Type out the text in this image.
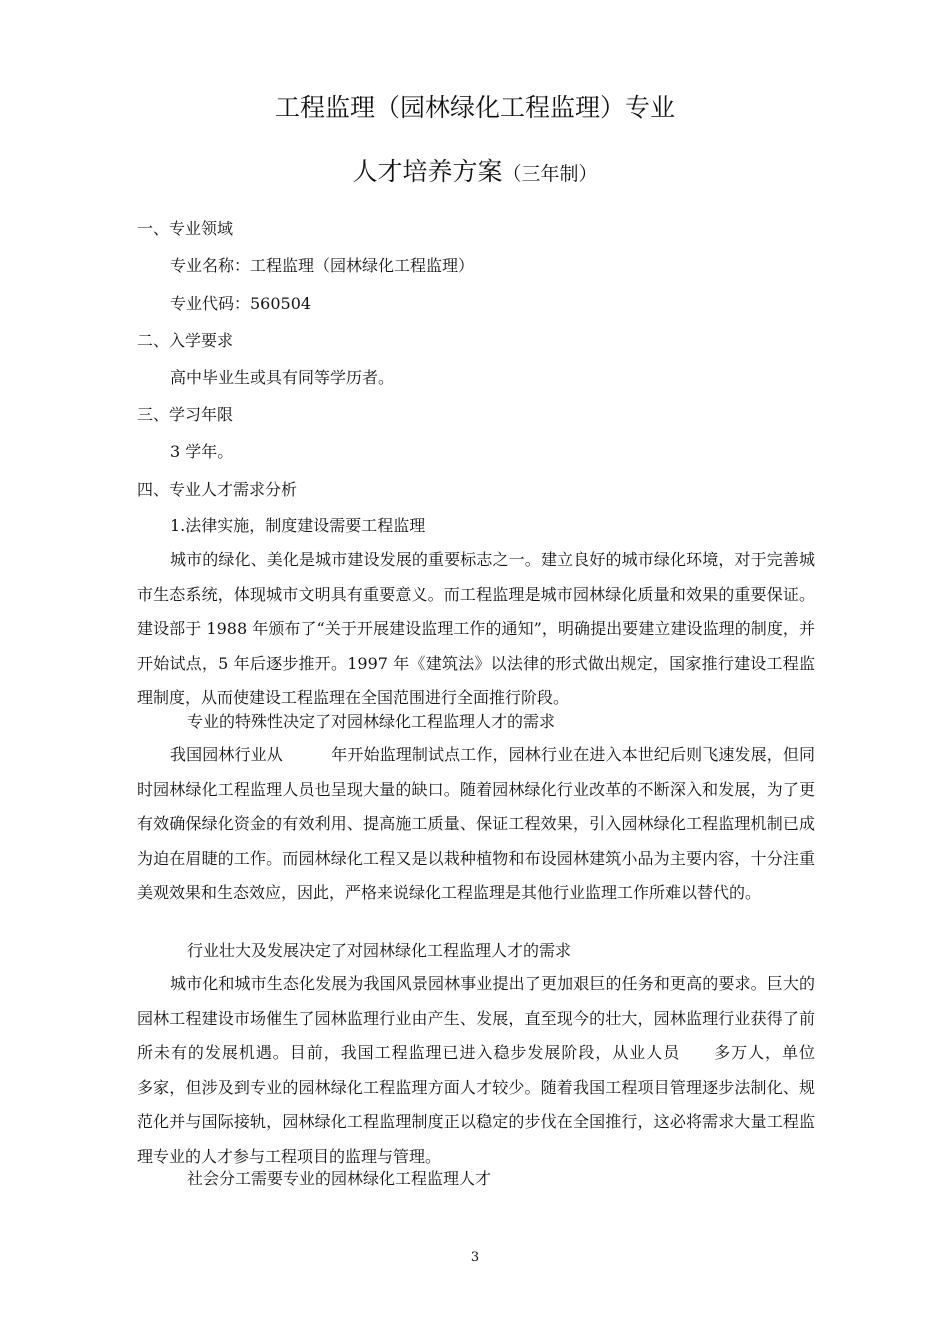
工程监理（园林绿化工程监理）专业
人才培养方案（三年制）
一、专业领域
专业名称：工程监理（园林绿化工程监理）
专业代码：560504
二、入学要求
高中毕业生或具有同等学历者。
三、学习年限
3 学年。
四、专业人才需求分析
1.法律实施，制度建设需要工程监理
城市的绿化、美化是城市建设发展的重要标志之一。建立良好的城市绿化环境，对于完善城市生态系统，体现城市文明具有重要意义。而工程监理是城市园林绿化质量和效果的重要保证。建设部于 1988 年颁布了“关于开展建设监理工作的通知”，明确提出要建立建设监理的制度，并开始试点，5 年后逐步推开。1997 年《建筑法》以法律的形式做出规定，国家推行建设工程监理制度，从而使建设工程监理在全国范围进行全面推行阶段。
专业的特殊性决定了对园林绿化工程监理人才的需求
我国园林行业从　　　年开始监理制试点工作，园林行业在进入本世纪后则飞速发展，但同时园林绿化工程监理人员也呈现大量的缺口。随着园林绿化行业改革的不断深入和发展，为了更有效确保绿化资金的有效利用、提高施工质量、保证工程效果，引入园林绿化工程监理机制已成为迫在眉睫的工作。而园林绿化工程又是以栽种植物和布设园林建筑小品为主要内容，十分注重美观效果和生态效应，因此，严格来说绿化工程监理是其他行业监理工作所难以替代的。
行业壮大及发展决定了对园林绿化工程监理人才的需求
城市化和城市生态化发展为我国风景园林事业提出了更加艰巨的任务和更高的要求。巨大的园林工程建设市场催生了园林监理行业由产生、发展，直至现今的壮大，园林监理行业获得了前所未有的发展机遇。目前，我国工程监理已进入稳步发展阶段，从业人员　　多万人，单位　　　多家，但涉及到专业的园林绿化工程监理方面人才较少。随着我国工程项目管理逐步法制化、规范化并与国际接轨，园林绿化工程监理制度正以稳定的步伐在全国推行，这必将需求大量工程监理专业的人才参与工程项目的监理与管理。
社会分工需要专业的园林绿化工程监理人才
3
